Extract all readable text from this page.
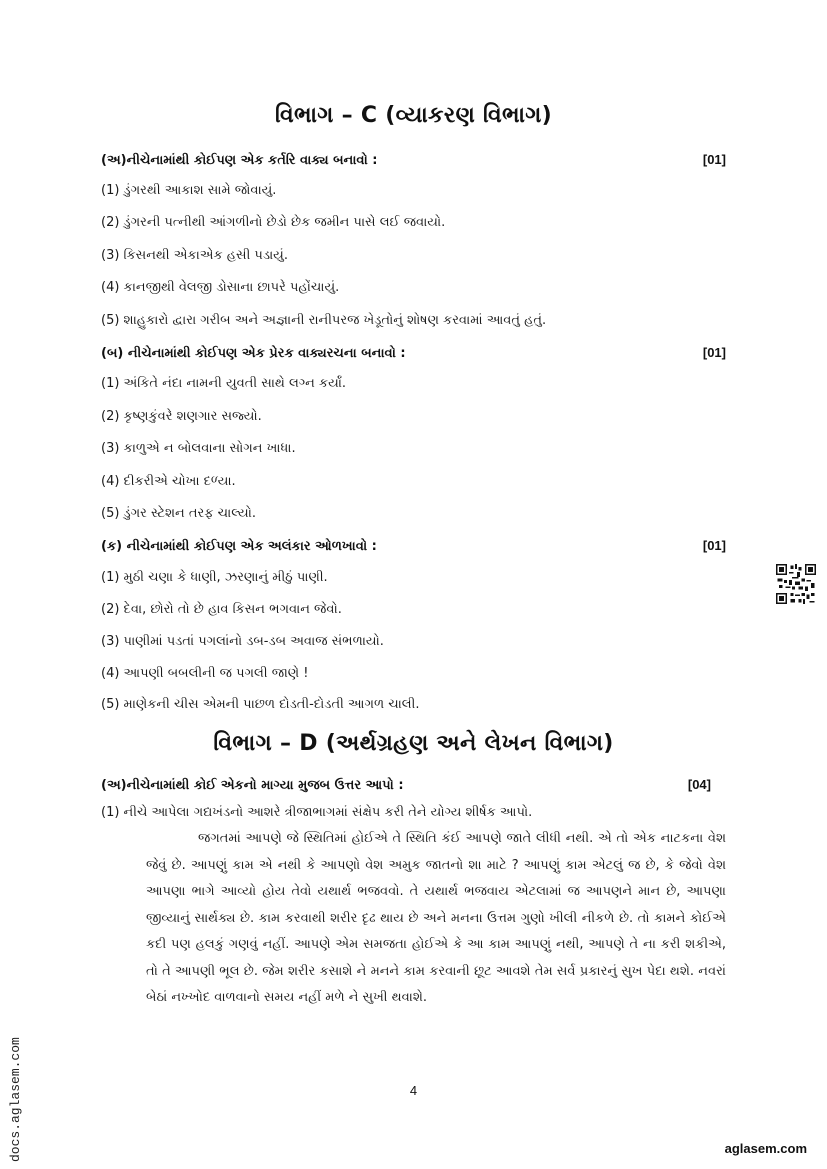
વિભાગ – C (વ્યાકરણ વિભાગ)
(અ)નીચેનામાંથી કોઈપણ એક કર્તરિ વાક્ય બનાવો :	[01]
(1) ડુંગરથી આકાશ સામે જોવાયું.
(2) ડુંગરની પત્નીથી આંગળીનો છેડો છેક જમીન પાસે લઈ જવાયો.
(3) કિસનથી એકાએક હસી પડાયું.
(4) કાનજીથી વેલજી ડોસાના છાપરે પહોંચાયું.
(5) શાહુકારો દ્વારા ગરીબ અને અજ્ઞાની રાનીપરજ ખેડૂતોનું શોષણ કરવામાં આવતું હતું.
(બ) નીચેનામાંથી કોઈપણ એક પ્રેરક વાક્યરચના બનાવો :	[01]
(1) અંકિતે નંદા નામની યુવતી સાથે લગ્ન કર્યાં.
(2) કૃષ્ણકુંવરે શણગાર સજ્યો.
(3) કાળુએ ન બોલવાના સોગન ખાધા.
(4) દીકરીએ ચોખા દળ્યા.
(5) ડુંગર સ્ટેશન તરફ ચાલ્યો.
(ક) નીચેનામાંથી કોઈપણ એક અલંકાર ઓળખાવો :	[01]
(1) મુઠી ચણા કે ધાણી, ઝરણાનું મીઠું પાણી.
(2) દેવા, છોરો તો છે હાવ કિસન ભગવાન જેવો.
(3) પાણીમાં પડતાં પગલાંનો ડબ-ડબ અવાજ સંભળાયો.
(4) આપણી બબલીની જ પગલી જાણે !
(5) માણેકની ચીસ એમની પાછળ દોડતી-દોડતી આગળ ચાલી.
વિભાગ – D (અર્થગ્રહણ અને લેખન વિભાગ)
(અ)નીચેનામાંથી કોઈ એકનો માગ્યા મુજબ ઉત્તર આપો :	[04]
(1) નીચે આપેલા ગદ્યખંડનો આશરે ત્રીજાભાગમાં સંક્ષેપ કરી તેને યોગ્ય શીર્ષક આપો.
જગતમાં આપણે જે સ્થિતિમાં હોઈએ તે સ્થિતિ કંઈ આપણે જાતે લીધી નથી. એ તો એક નાટકના વેશ જેવું છે. આપણું કામ એ નથી કે આપણો વેશ અમુક જાતનો શા માટે ? આપણું કામ એટલું જ છે, કે જેવો વેશ આપણા ભાગે આવ્યો હોય તેવો યથાર્થ ભજવવો. તે યથાર્થ ભજવાય એટલામાં જ આપણને માન છે, આપણા જીવ્યાનું સાર્થક્ય છે. કામ કરવાથી શરીર દૃઢ થાય છે અને મનના ઉત્તમ ગુણો ખીલી નીકળે છે. તો કામને કોઈએ કદી પણ હલકું ગણવું નહીં. આપણે એમ સમજતા હોઈએ કે આ કામ આપણું નથી, આપણે તે ના કરી શકીએ, તો તે આપણી ભૂલ છે. જેમ શરીર કસાશે ને મનને કામ કરવાની છૂટ આવશે તેમ સર્વ પ્રકારનું સુખ પેદા થશે. નવરાં બેઠાં નખ્ખોદ વાળવાનો સમય નહીં મળે ને સુખી થવાશે.
4
aglasem.com
docs.aglasem.com
